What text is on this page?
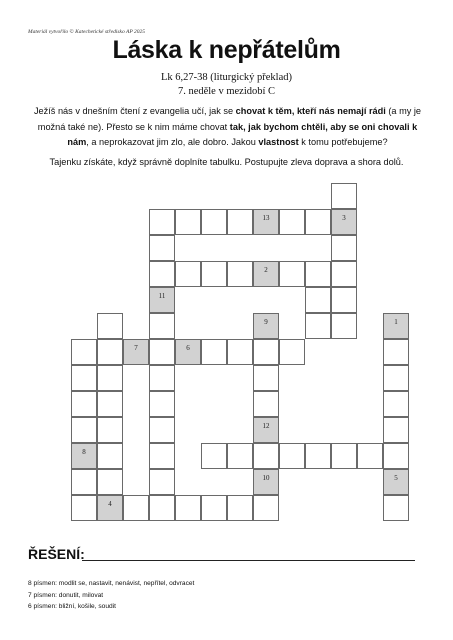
Materiál vytvořilo © Katechetické středisko AP 2025
Láska k nepřátelům
Lk 6,27-38 (liturgický překlad)
7. neděle v mezidobí C
Ježíš nás v dnešním čtení z evangelia učí, jak se chovat k těm, kteří nás nemají rádi (a my je možná také ne). Přesto se k nim máme chovat tak, jak bychom chtěli, aby se oni chovali k nám, a neprokazovat jim zlo, ale dobro. Jakou vlastnost k tomu potřebujeme?
Tajenku získáte, když správně doplníte tabulku. Postupujte zleva doprava a shora dolů.
13	3
2
11
9	1
7	6
12
8
10	5
4
ŘEŠENÍ:
8 písmen: modlit se, nastavit, nenávist, nepřítel, odvracet
7 písmen: donutit, milovat
6 písmen: bližní, košile, soudit
